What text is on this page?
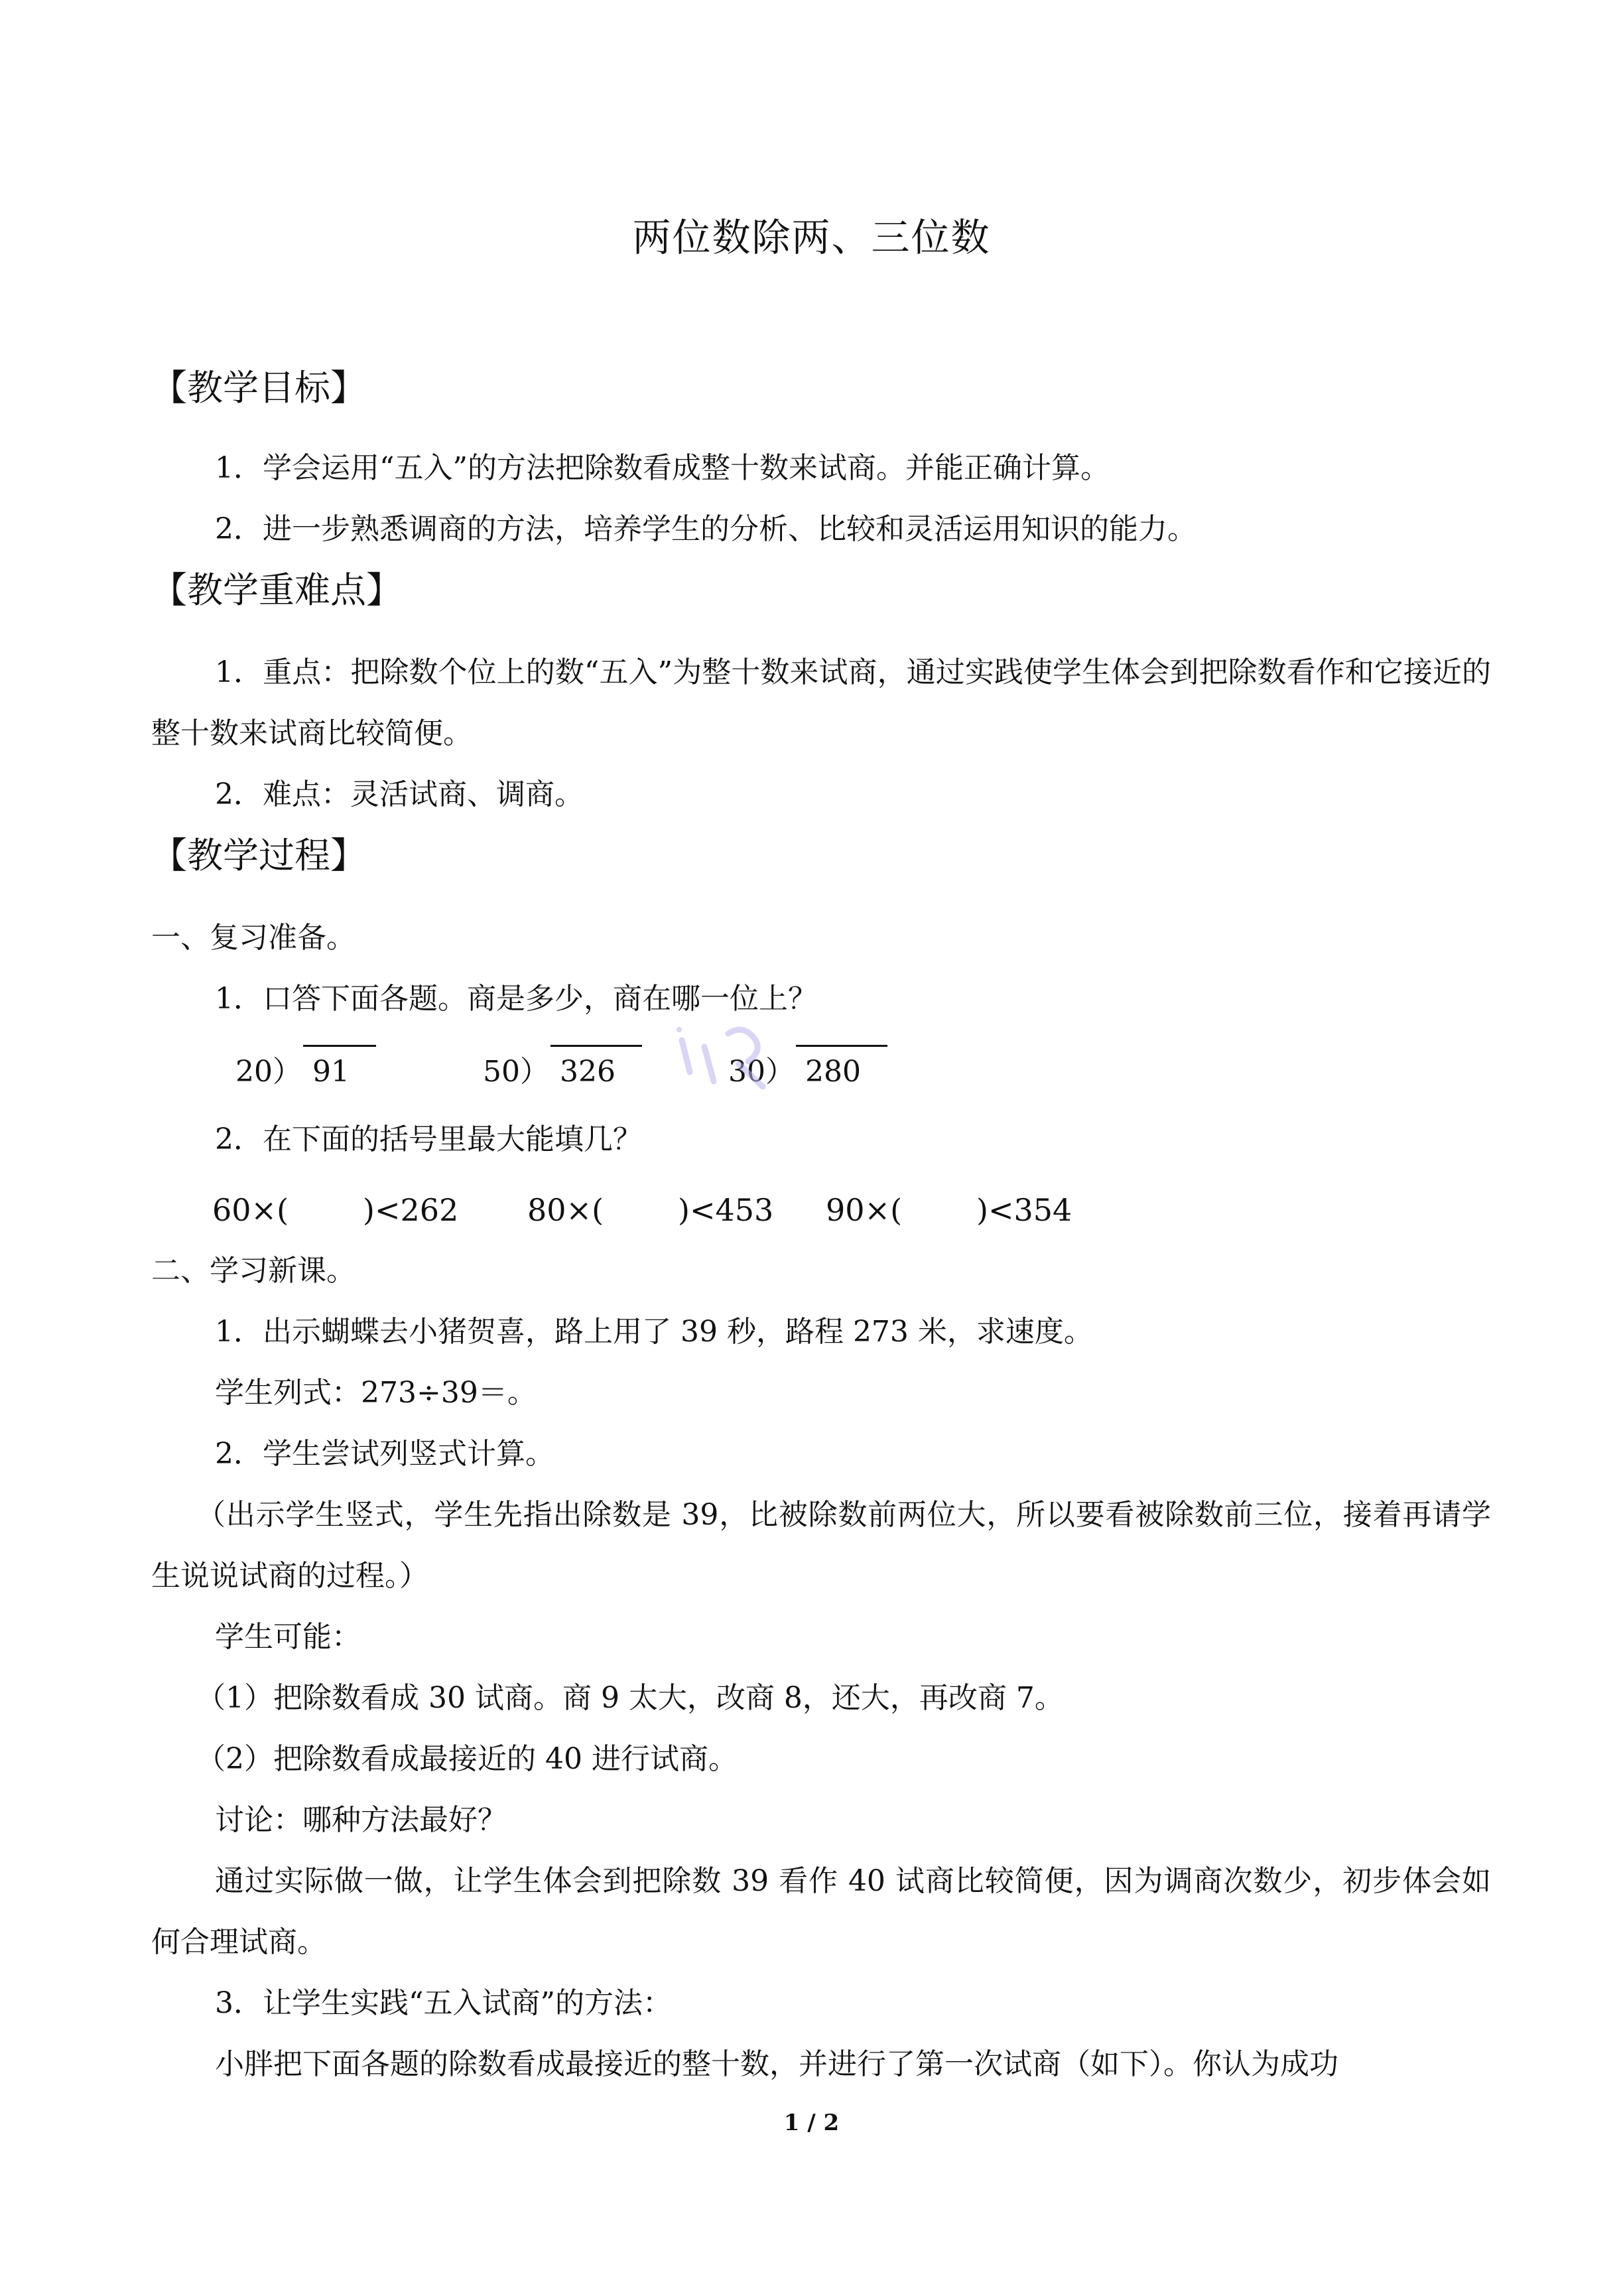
两位数除两、三位数
【教学目标】
1．学会运用“五入”的方法把除数看成整十数来试商。并能正确计算。
2．进一步熟悉调商的方法，培养学生的分析、比较和灵活运用知识的能力。
【教学重难点】
1．重点：把除数个位上的数“五入”为整十数来试商，通过实践使学生体会到把除数看作和它接近的整十数来试商比较简便。
2．难点：灵活试商、调商。
【教学过程】
一、复习准备。
1．口答下面各题。商是多少，商在哪一位上？
20） 91	50） 326	30） 280
2．在下面的括号里最大能填几？
60×( )<262 80×( )<453 90×( )<354
二、学习新课。
1．出示蝴蝶去小猪贺喜，路上用了 39 秒，路程 273 米，求速度。
学生列式：273÷39＝。
2．学生尝试列竖式计算。
（出示学生竖式，学生先指出除数是 39，比被除数前两位大，所以要看被除数前三位，接着再请学生说说试商的过程。）
学生可能：
（1）把除数看成 30 试商。商 9 太大，改商 8，还大，再改商 7。
（2）把除数看成最接近的 40 进行试商。
讨论：哪种方法最好？
通过实际做一做，让学生体会到把除数 39 看作 40 试商比较简便，因为调商次数少，初步体会如何合理试商。
3．让学生实践“五入试商”的方法：
小胖把下面各题的除数看成最接近的整十数，并进行了第一次试商（如下）。你认为成功
1 / 2
